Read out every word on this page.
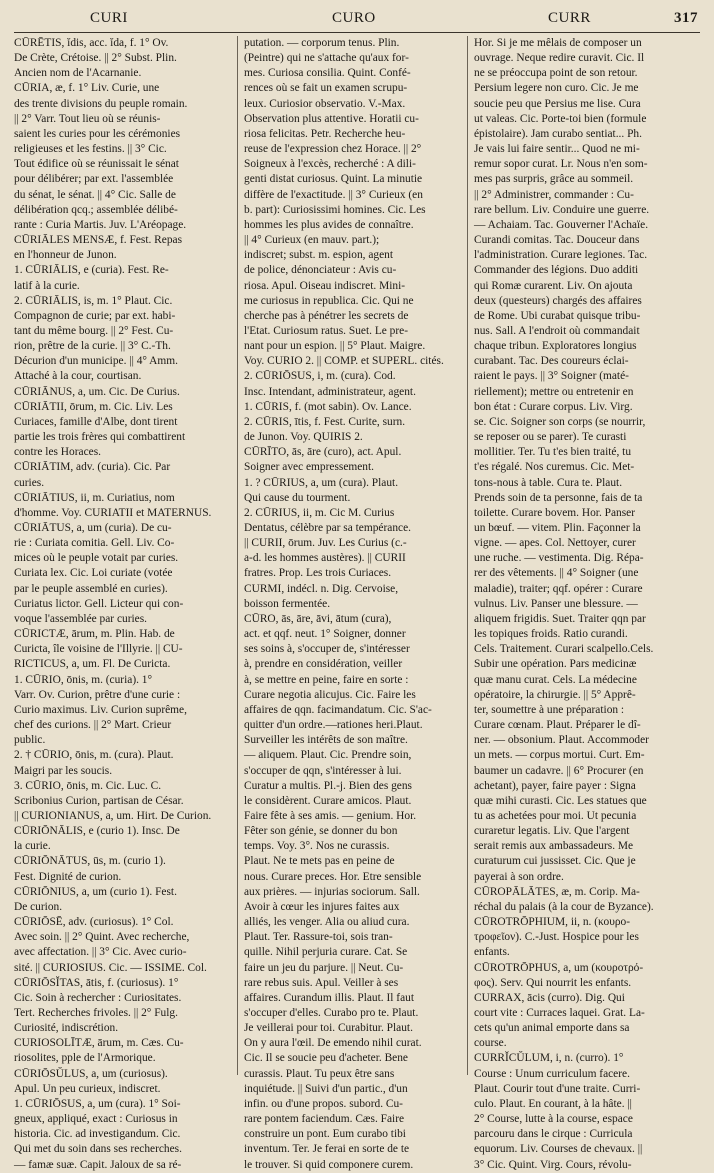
CURI	CURO	CURR	317
CŪRĒTIS, ĭdis, acc. ĭda, f. 1° Ov.
De Crète, Crétoise. || 2° Subst. Plin.
Ancien nom de l'Acarnanie.
CŪRIA, æ, f. 1° Liv. Curie, une
des trente divisions du peuple romain.
|| 2° Varr. Tout lieu où se réunis-
saient les curies pour les cérémonies
religieuses et les festins. || 3° Cic.
Tout édifice où se réunissait le sénat
pour délibérer; par ext. l'assemblée
du sénat, le sénat. || 4° Cic. Salle de
délibération qcq.; assemblée délibé-
rante : Curia Martis. Juv. L'Aréopage.
CŪRIĀLES MENSÆ, f. Fest. Repas
en l'honneur de Junon.
1. CŪRIĀLIS, e (curia). Fest. Re-
latif à la curie.
2. CŪRIĀLIS, is, m. 1° Plaut. Cic.
Compagnon de curie; par ext. habi-
tant du même bourg. || 2° Fest. Cu-
rion, prêtre de la curie. || 3° C.-Th.
Décurion d'un municipe. || 4° Amm.
Attaché à la cour, courtisan.
CŪRIĀNUS, a, um. Cic. De Curius.
CŪRIĀTII, ōrum, m. Cic. Liv. Les
Curiaces, famille d'Albe, dont tirent
partie les trois frères qui combattirent
contre les Horaces.
CŪRIĀTIM, adv. (curia). Cic. Par
curies.
CŪRIĀTIUS, ii, m. Curiatius, nom
d'homme. Voy. CURIATII et MATERNUS.
CŪRIĀTUS, a, um (curia). De cu-
rie : Curiata comitia. Gell. Liv. Co-
mices où le peuple votait par curies.
Curiata lex. Cic. Loi curiate (votée
par le peuple assemblé en curies).
Curiatus lictor. Gell. Licteur qui con-
voque l'assemblée par curies.
CŪRICTÆ, ārum, m. Plin. Hab. de
Curicta, île voisine de l'Illyrie. || CU-
RICTICUS, a, um. Fl. De Curicta.
1. CŪRIO, ōnis, m. (curia). 1°
Varr. Ov. Curion, prêtre d'une curie :
Curio maximus. Liv. Curion suprême,
chef des curions. || 2° Mart. Crieur
public.
2. † CŪRIO, ōnis, m. (cura). Plaut.
Maigri par les soucis.
3. CŪRIO, ōnis, m. Cic. Luc. C.
Scribonius Curion, partisan de César.
|| CURIONIANUS, a, um. Hirt. De Curion.
CŪRIŌNĀLIS, e (curio 1). Insc. De
la curie.
CŪRIŌNĀTUS, ūs, m. (curio 1).
Fest. Dignité de curion.
CŪRIŌNIUS, a, um (curio 1). Fest.
De curion.
CŪRIŌSĒ, adv. (curiosus). 1° Col.
Avec soin. || 2° Quint. Avec recherche,
avec affectation. || 3° Cic. Avec curio-
sité. || CURIOSIUS. Cic. — ISSIME. Col.
CŪRIŌSĬTAS, ātis, f. (curiosus). 1°
Cic. Soin à rechercher : Curiositates.
Tert. Recherches frivoles. || 2° Fulg.
Curiosité, indiscrétion.
CURIOSOLĪTÆ, ārum, m. Cæs. Cu-
riosolites, pple de l'Armorique.
CŪRIŌSŬLUS, a, um (curiosus).
Apul. Un peu curieux, indiscret.
1. CŪRIŌSUS, a, um (cura). 1° Soi-
gneux, appliqué, exact : Curiosus in
historia. Cic. ad investigandum. Cic.
Qui met du soin dans ses recherches.
— famæ suæ. Capit. Jaloux de sa ré-
putation. — corporum tenus. Plin.
(Peintre) qui ne s'attache qu'aux for-
mes. Curiosa consilia. Quint. Confé-
rences où se fait un examen scrupu-
leux. Curiosior observatio. V.-Max.
Observation plus attentive. Horatii cu-
riosa felicitas. Petr. Recherche heu-
reuse de l'expression chez Horace. || 2°
Soigneux à l'excès, recherché : A dili-
genti distat curiosus. Quint. La minutie
diffère de l'exactitude. || 3° Curieux (en
b. part): Curiosissimi homines. Cic. Les
hommes les plus avides de connaître.
|| 4° Curieux (en mauv. part.);
indiscret; subst. m. espion, agent
de police, dénonciateur : Avis cu-
riosa. Apul. Oiseau indiscret. Mini-
me curiosus in republica. Cic. Qui ne
cherche pas à pénétrer les secrets de
l'Etat. Curiosum ratus. Suet. Le pre-
nant pour un espion. || 5° Plaut. Maigre.
Voy. CURIO 2. || COMP. et SUPERL. cités.
2. CŪRIŌSUS, i, m. (cura). Cod.
Insc. Intendant, administrateur, agent.
1. CŪRIS, f. (mot sabin). Ov. Lance.
2. CŪRIS, ītis, f. Fest. Curite, surn.
de Junon. Voy. QUIRIS 2.
CŪRĪTO, ās, āre (curo), act. Apul.
Soigner avec empressement.
1. ? CŪRIUS, a, um (cura). Plaut.
Qui cause du tourment.
2. CŪRIUS, ii, m. Cic M. Curius
Dentatus, célèbre par sa tempérance.
|| CURII, ōrum. Juv. Les Curius (c.-
a-d. les hommes austères). || CURII
fratres. Prop. Les trois Curiaces.
CURMI, indécl. n. Dig. Cervoise,
boisson fermentée.
CŪRO, ās, āre, āvi, ātum (cura),
act. et qqf. neut. 1° Soigner, donner
ses soins à, s'occuper de, s'intéresser
à, prendre en considération, veiller
à, se mettre en peine, faire en sorte :
Curare negotia alicujus. Cic. Faire les
affaires de qqn. facimandatum. Cic. S'ac-
quitter d'un ordre.—rationes heri.Plaut.
Surveiller les intérêts de son maître.
— aliquem. Plaut. Cic. Prendre soin,
s'occuper de qqn, s'intéresser à lui.
Curatur a multis. Pl.-j. Bien des gens
le considèrent. Curare amicos. Plaut.
Faire fête à ses amis. — genium. Hor.
Fêter son génie, se donner du bon
temps. Voy. 3°. Nos ne curassis.
Plaut. Ne te mets pas en peine de
nous. Curare preces. Hor. Etre sensible
aux prières. — injurias sociorum. Sall.
Avoir à cœur les injures faites aux
alliés, les venger. Alia ou aliud cura.
Plaut. Ter. Rassure-toi, sois tran-
quille. Nihil perjuria curare. Cat. Se
faire un jeu du parjure. || Neut. Cu-
rare rebus suis. Apul. Veiller à ses
affaires. Curandum illis. Plaut. Il faut
s'occuper d'elles. Curabo pro te. Plaut.
Je veillerai pour toi. Curabitur. Plaut.
On y aura l'œil. De emendo nihil curat.
Cic. Il se soucie peu d'acheter. Bene
curassis. Plaut. Tu peux être sans
inquiétude. || Suivi d'un partic., d'un
infin. ou d'une propos. subord. Cu-
rare pontem faciendum. Cæs. Faire
construire un pont. Eum curabo tibi
inventum. Ter. Je ferai en sorte de te
le trouver. Si quid componere curem.
Hor. Si je me mêlais de composer un
ouvrage. Neque redire curavit. Cic. Il
ne se préoccupa point de son retour.
Persium legere non curo. Cic. Je me
soucie peu que Persius me lise. Cura
ut valeas. Cic. Porte-toi bien (formule
épistolaire). Jam curabo sentiat... Ph.
Je vais lui faire sentir... Quod ne mi-
remur sopor curat. Lr. Nous n'en som-
mes pas surpris, grâce au sommeil.
|| 2° Administrer, commander : Cu-
rare bellum. Liv. Conduire une guerre.
— Achaiam. Tac. Gouverner l'Achaïe.
Curandi comitas. Tac. Douceur dans
l'administration. Curare legiones. Tac.
Commander des légions. Duo additi
qui Romæ curarent. Liv. On ajouta
deux (questeurs) chargés des affaires
de Rome. Ubi curabat quisque tribu-
nus. Sall. A l'endroit où commandait
chaque tribun. Exploratores longius
curabant. Tac. Des coureurs éclai-
raient le pays. || 3° Soigner (maté-
riellement); mettre ou entretenir en
bon état : Curare corpus. Liv. Virg.
se. Cic. Soigner son corps (se nourrir,
se reposer ou se parer). Te curasti
mollitier. Ter. Tu t'es bien traité, tu
t'es régalé. Nos curemus. Cic. Met-
tons-nous à table. Cura te. Plaut.
Prends soin de ta personne, fais de ta
toilette. Curare bovem. Hor. Panser
un bœuf. — vitem. Plin. Façonner la
vigne. — apes. Col. Nettoyer, curer
une ruche. — vestimenta. Dig. Répa-
rer des vêtements. || 4° Soigner (une
maladie), traiter; qqf. opérer : Curare
vulnus. Liv. Panser une blessure. —
aliquem frigidis. Suet. Traiter qqn par
les topiques froids. Ratio curandi.
Cels. Traitement. Curari scalpello.Cels.
Subir une opération. Pars medicinæ
quæ manu curat. Cels. La médecine
opératoire, la chirurgie. || 5° Apprê-
ter, soumettre à une préparation :
Curare cœnam. Plaut. Préparer le dî-
ner. — obsonium. Plaut. Accommoder
un mets. — corpus mortui. Curt. Em-
baumer un cadavre. || 6° Procurer (en
achetant), payer, faire payer : Signa
quæ mihi curasti. Cic. Les statues que
tu as achetées pour moi. Ut pecunia
curaretur legatis. Liv. Que l'argent
serait remis aux ambassadeurs. Me
curaturum cui jussisset. Cic. Que je
payerai à son ordre.
CŪROPĀLĀTES, æ, m. Corip. Ma-
réchal du palais (à la cour de Byzance).
CŪROTRŌPHIUM, ii, n. (κουρο-
τροφεῖον). C.-Just. Hospice pour les
enfants.
CŪROTRŌPHUS, a, um (κουροτρό-
φος). Serv. Qui nourrit les enfants.
CURRAX, ācis (curro). Dig. Qui
court vite : Curraces laquei. Grat. La-
cets qu'un animal emporte dans sa
course.
CURRĬCŬLUM, i, n. (curro). 1°
Course : Unum curriculum facere.
Plaut. Courir tout d'une traite. Curri-
culo. Plaut. En courant, à la hâte. ||
2° Course, lutte à la course, espace
parcouru dans le cirque : Curricula
equorum. Liv. Courses de chevaux. ||
3° Cic. Quint. Virg. Cours, révolu-
